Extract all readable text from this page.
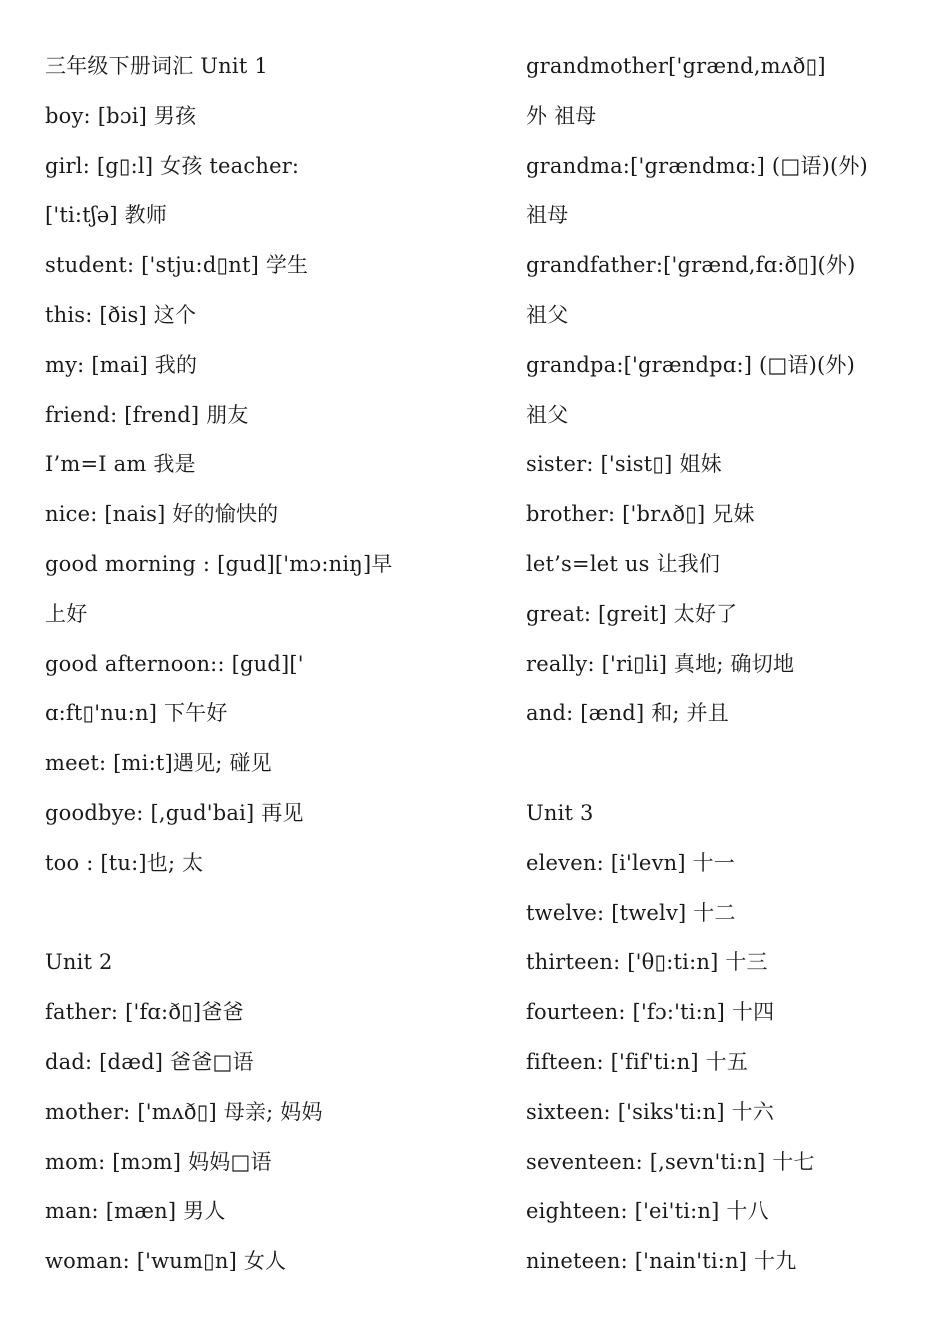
三年级下册词汇 Unit 1
boy: [bɔi] 男孩
girl: [g▯:l] 女孩 teacher:
['ti:tʃə] 教师
student: ['stju:d▯nt] 学生
this: [ðis] 这个
my: [mai] 我的
friend: [frend] 朋友
I’m=I am 我是
nice: [nais] 好的愉快的
good morning : [gud]['mɔ:niŋ]早
上好
good afternoon:: [gud]['
ɑ:ft▯'nu:n] 下午好
meet: [mi:t]遇见; 碰见
goodbye: [,gud'bai] 再见
too : [tu:]也; 太
Unit 2
father: ['fɑ:ð▯]爸爸
dad: [dæd] 爸爸□语
mother: ['mʌð▯] 母亲; 妈妈
mom: [mɔm] 妈妈□语
man: [mæn] 男人
woman: ['wum▯n] 女人
grandmother['grænd,mʌð▯]
外 祖母
grandma:['grændmɑ:] (□语)(外)
祖母
grandfather:['grænd,fɑ:ð▯](外)
祖父
grandpa:['grændpɑ:] (□语)(外)
祖父
sister: ['sist▯] 姐妹
brother: ['brʌð▯] 兄妹
let’s=let us 让我们
great: [greit] 太好了
really: ['ri▯li] 真地; 确切地
and: [ænd] 和; 并且
Unit 3
eleven: [i'levn] 十一
twelve: [twelv] 十二
thirteen: ['θ▯:ti:n] 十三
fourteen: ['fɔ:'ti:n] 十四
fifteen: ['fif'ti:n] 十五
sixteen: ['siks'ti:n] 十六
seventeen: [,sevn'ti:n] 十七
eighteen: ['ei'ti:n] 十八
nineteen: ['nain'ti:n] 十九
